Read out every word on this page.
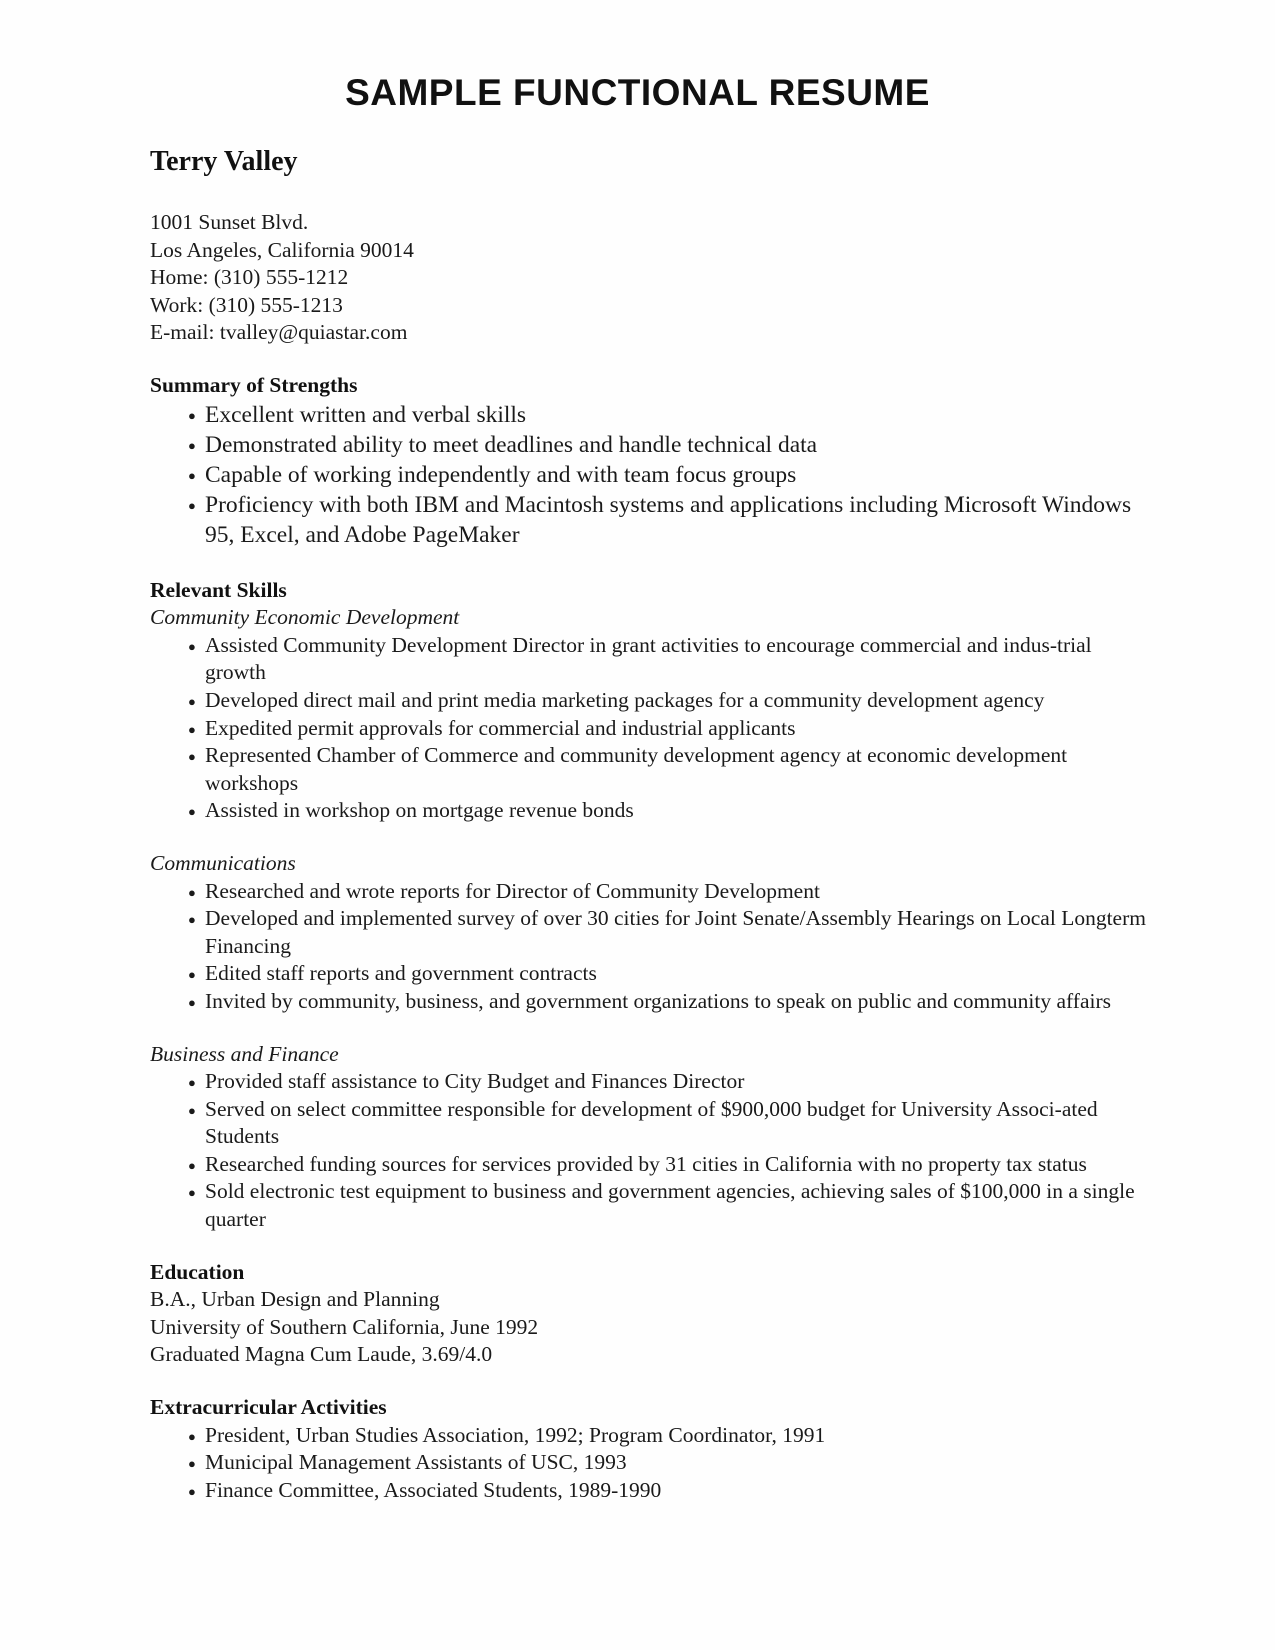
SAMPLE FUNCTIONAL RESUME
Terry Valley
1001 Sunset Blvd.
Los Angeles, California 90014
Home: (310) 555-1212
Work: (310) 555-1213
E-mail: tvalley@quiastar.com
Summary of Strengths
● Excellent written and verbal skills
● Demonstrated ability to meet deadlines and handle technical data
● Capable of working independently and with team focus groups
● Proficiency with both IBM and Macintosh systems and applications including Microsoft Windows 95, Excel, and Adobe PageMaker
Relevant Skills
Community Economic Development
● Assisted Community Development Director in grant activities to encourage commercial and indus-trial growth
● Developed direct mail and print media marketing packages for a community development agency
● Expedited permit approvals for commercial and industrial applicants
● Represented Chamber of Commerce and community development agency at economic development workshops
● Assisted in workshop on mortgage revenue bonds
Communications
● Researched and wrote reports for Director of Community Development
● Developed and implemented survey of over 30 cities for Joint Senate/Assembly Hearings on Local Longterm Financing
● Edited staff reports and government contracts
● Invited by community, business, and government organizations to speak on public and community affairs
Business and Finance
● Provided staff assistance to City Budget and Finances Director
● Served on select committee responsible for development of $900,000 budget for University Associ-ated Students
● Researched funding sources for services provided by 31 cities in California with no property tax status
● Sold electronic test equipment to business and government agencies, achieving sales of $100,000 in a single quarter
Education
B.A., Urban Design and Planning
University of Southern California, June 1992
Graduated Magna Cum Laude, 3.69/4.0
Extracurricular Activities
● President, Urban Studies Association, 1992; Program Coordinator, 1991
● Municipal Management Assistants of USC, 1993
● Finance Committee, Associated Students, 1989-1990
